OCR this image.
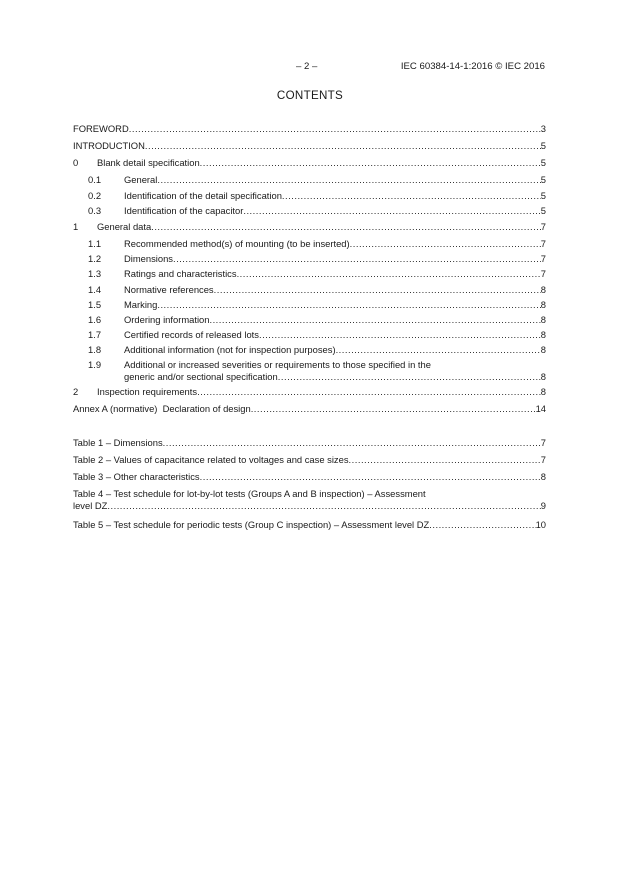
– 2 –	IEC 60384-14-1:2016 © IEC 2016
CONTENTS
FOREWORD .....	3
INTRODUCTION .....	5
0	Blank detail specification .....	5
0.1	General .....	5
0.2	Identification of the detail specification .....	5
0.3	Identification of the capacitor .....	5
1	General data .....	7
1.1	Recommended method(s) of mounting (to be inserted) .....	7
1.2	Dimensions .....	7
1.3	Ratings and characteristics .....	7
1.4	Normative references .....	8
1.5	Marking .....	8
1.6	Ordering information .....	8
1.7	Certified records of released lots .....	8
1.8	Additional information (not for inspection purposes) .....	8
1.9 Additional or increased severities or requirements to those specified in the
generic and/or sectional specification .....	8
2	Inspection requirements .....	8
Annex A (normative)  Declaration of design .....	14
Table 1 – Dimensions .....	7
Table 2 – Values of capacitance related to voltages and case sizes .....	7
Table 3 – Other characteristics .....	8
Table 4 – Test schedule for lot-by-lot tests (Groups A and B inspection) – Assessment
level DZ .....	9
Table 5 – Test schedule for periodic tests (Group C inspection) – Assessment level DZ .....	10
